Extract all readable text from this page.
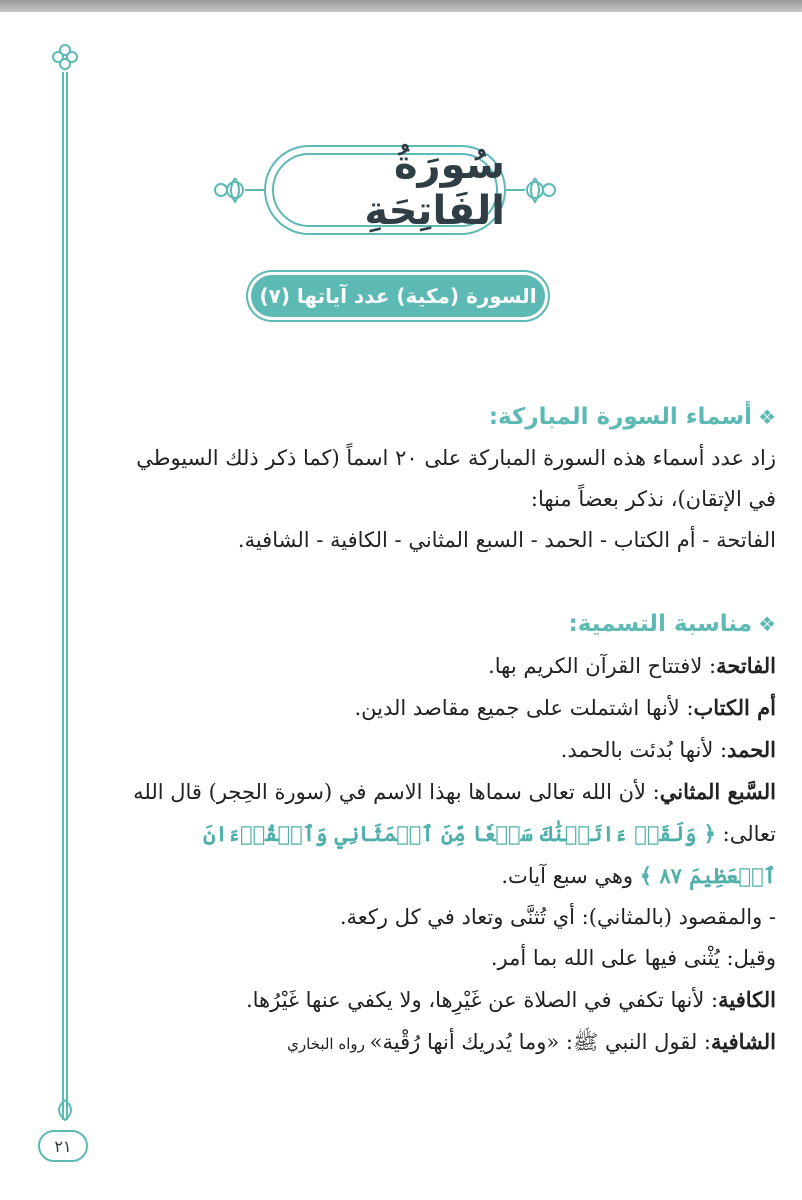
سُورَةُ الفَاتِحَةِ
السورة (مكية) عدد آياتها (٧)
❖أسماء السورة المباركة:
زاد عدد أسماء هذه السورة المباركة على ٢٠ اسماً (كما ذكر ذلك السيوطي في الإتقان)، نذكر بعضاً منها:
الفاتحة - أم الكتاب - الحمد - السبع المثاني - الكافية - الشافية.
❖مناسبة التسمية:
الفاتحة: لافتتاح القرآن الكريم بها.
أم الكتاب: لأنها اشتملت على جميع مقاصد الدين.
الحمد: لأنها بُدئت بالحمد.
السَّبع المثاني: لأن الله تعالى سماها بهذا الاسم في (سورة الحِجر) قال الله تعالى: ﴿ وَلَقَدۡ ءَاتَيۡنَٰكَ سَبۡعٗا مِّنَ ٱلۡمَثَانِي وَٱلۡقُرۡءَانَ ٱلۡعَظِيمَ ٨٧ ﴾ وهي سبع آيات.
- والمقصود (بالمثاني): أي تُثنَّى وتعاد في كل ركعة.
وقيل: يُثْنى فيها على الله بما أمر.
الكافية: لأنها تكفي في الصلاة عن غَيْرِها، ولا يكفي عنها غَيْرُها.
الشافية: لقول النبي ﷺ: «وما يُدريك أنها رُقْية» رواه البخاري
٢١
